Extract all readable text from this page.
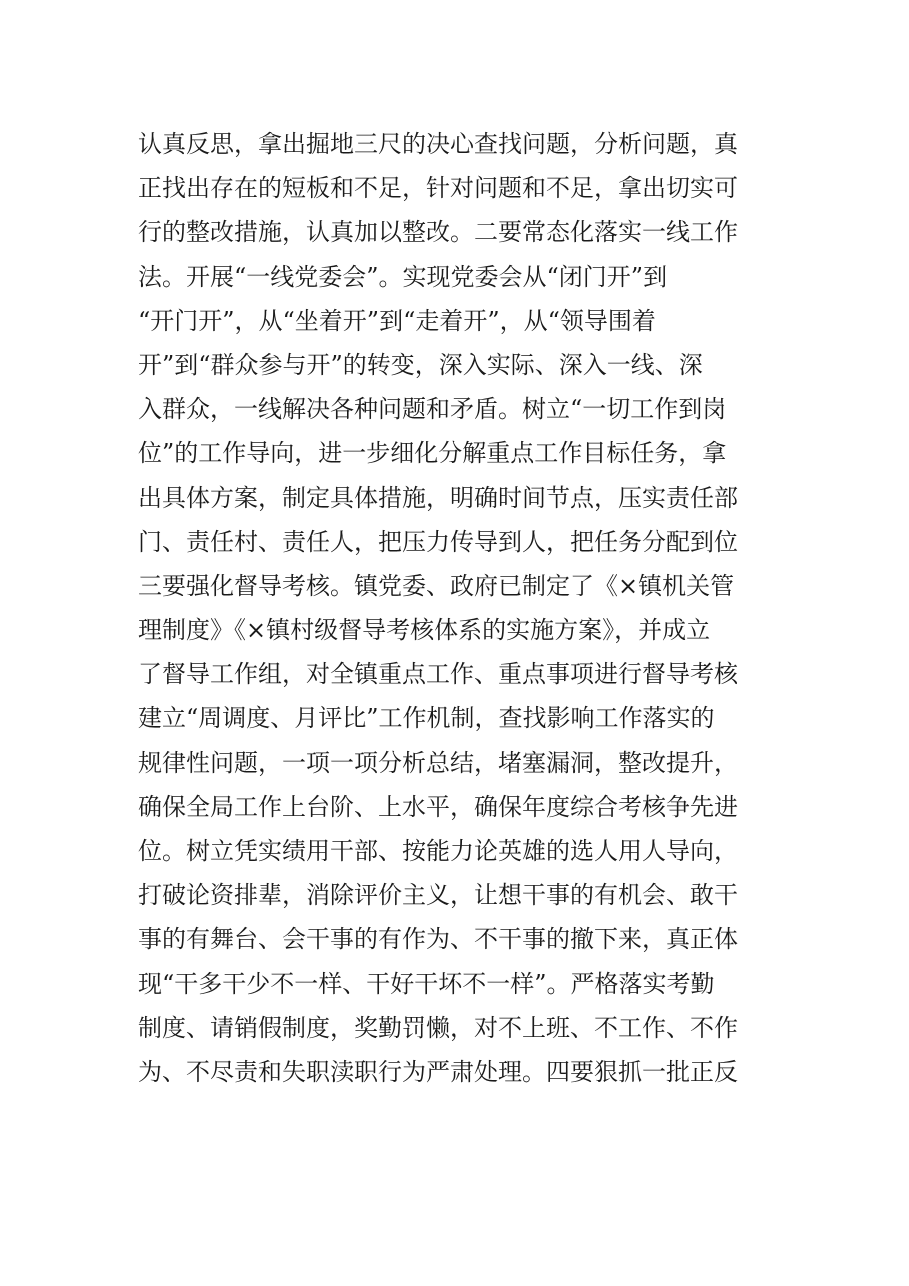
认真反思，拿出掘地三尺的决心查找问题，分析问题，真
正找出存在的短板和不足，针对问题和不足，拿出切实可
行的整改措施，认真加以整改。二要常态化落实一线工作
法。开展“一线党委会”。实现党委会从“闭门开”到
“开门开”，从“坐着开”到“走着开”，从“领导围着
开”到“群众参与开”的转变，深入实际、深入一线、深
入群众，一线解决各种问题和矛盾。树立“一切工作到岗
位”的工作导向，进一步细化分解重点工作目标任务，拿
出具体方案，制定具体措施，明确时间节点，压实责任部
门、责任村、责任人，把压力传导到人，把任务分配到位
三要强化督导考核。镇党委、政府已制定了《×镇机关管
理制度》《×镇村级督导考核体系的实施方案》，并成立
了督导工作组，对全镇重点工作、重点事项进行督导考核
建立“周调度、月评比”工作机制，查找影响工作落实的
规律性问题，一项一项分析总结，堵塞漏洞，整改提升，
确保全局工作上台阶、上水平，确保年度综合考核争先进
位。树立凭实绩用干部、按能力论英雄的选人用人导向，
打破论资排辈，消除评价主义，让想干事的有机会、敢干
事的有舞台、会干事的有作为、不干事的撤下来，真正体
现“干多干少不一样、干好干坏不一样”。严格落实考勤
制度、请销假制度，奖勤罚懒，对不上班、不工作、不作
为、不尽责和失职渎职行为严肃处理。四要狠抓一批正反
